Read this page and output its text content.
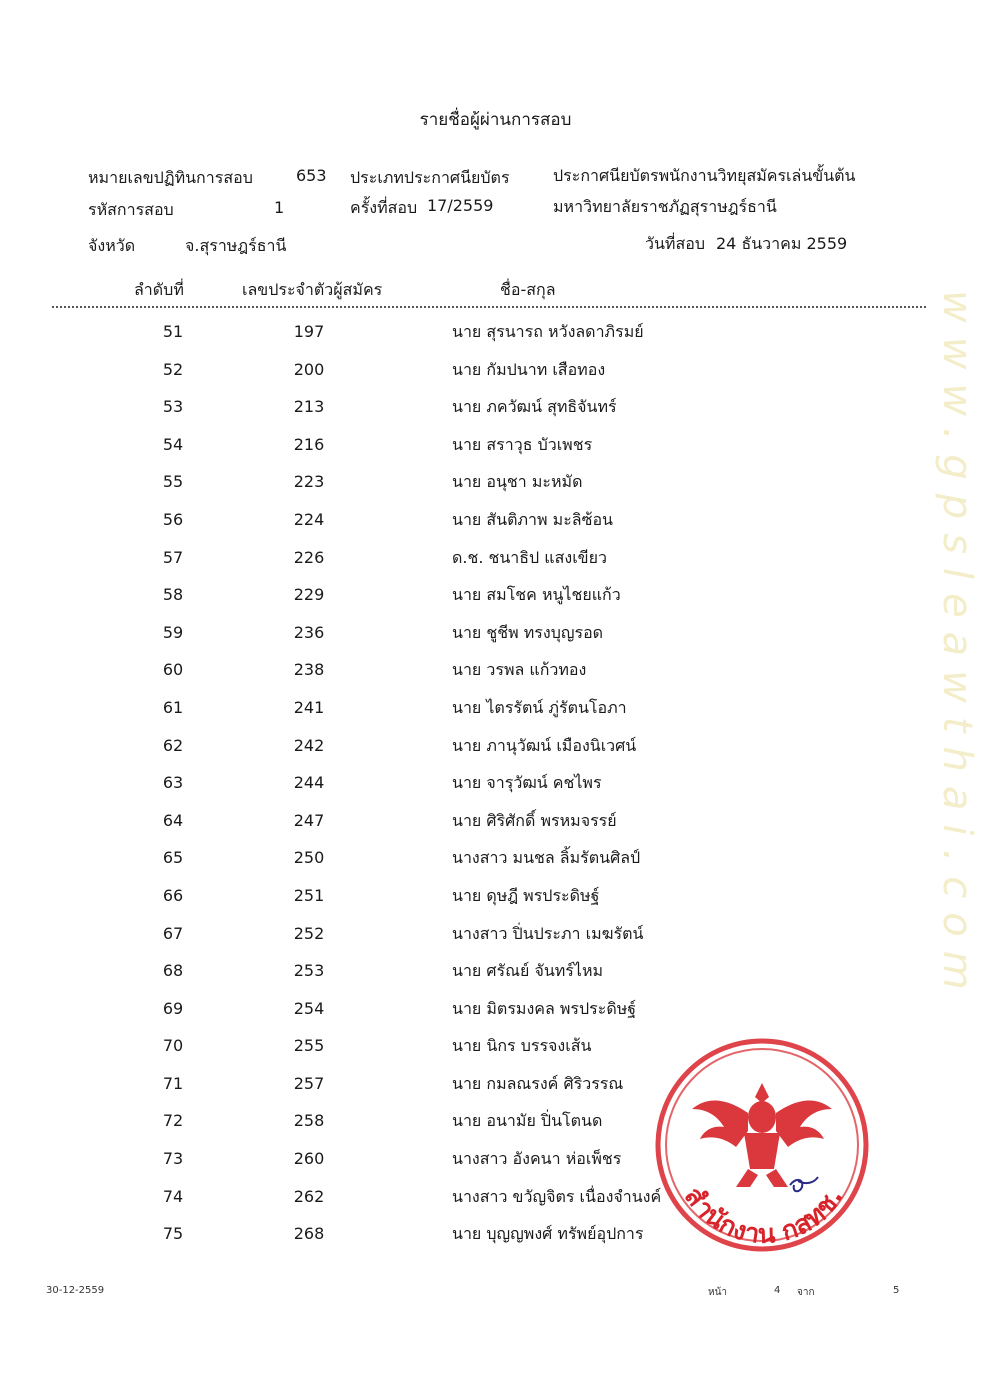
รายชื่อผู้ผ่านการสอบ
หมายเลขปฏิทินการสอบ	653 ประเภทประกาศนียบัตร	ประกาศนียบัตรพนักงานวิทยุสมัครเล่นขั้นต้น
รหัสการสอบ	1	ครั้งที่สอบ 17/2559	มหาวิทยาลัยราชภัฏสุราษฎร์ธานี
จังหวัด	จ.สุราษฎร์ธานี	วันที่สอบ 24 ธันวาคม 2559
ลำดับที่	เลขประจำตัวผู้สมัคร	ชื่อ-สกุล
51	197	นาย สุรนารถ หวังลดาภิรมย์
52	200	นาย กัมปนาท เสือทอง
53	213	นาย ภควัฒน์ สุทธิจันทร์
54	216	นาย สราวุธ บัวเพชร
55	223	นาย อนุชา มะหมัด
56	224	นาย สันติภาพ มะลิซ้อน
57	226	ด.ช. ชนาธิป แสงเขียว
58	229	นาย สมโชค หนูไชยแก้ว
59	236	นาย ชูชีพ ทรงบุญรอด
60	238	นาย วรพล แก้วทอง
61	241	นาย ไตรรัตน์ ภู่รัตนโอภา
62	242	นาย ภานุวัฒน์ เมืองนิเวศน์
63	244	นาย จารุวัฒน์ คชไพร
64	247	นาย ศิริศักดิ์ พรหมจรรย์
65	250	นางสาว มนชล ลิ้มรัตนศิลป์
66	251	นาย ดุษฎี พรประดิษฐ์
67	252	นางสาว ปิ่นประภา เมฆรัตน์
68	253	นาย ศรัณย์ จันทร์ไหม
69	254	นาย มิตรมงคล พรประดิษฐ์
70	255	นาย นิกร บรรจงเส้น
71	257	นาย กมลณรงค์ ศิริวรรณ
72	258	นาย อนามัย ปิ่นโตนด
73	260	นางสาว อังคนา ห่อเพ็ชร
74	262	นางสาว ขวัญจิตร เนื่องจำนงค์
75	268	นาย บุญญพงศ์ ทรัพย์อุปการ
www.gpsleawthai.com
สำนักงาน กสทช.
30-12-2559	หน้า	4 จาก	5
